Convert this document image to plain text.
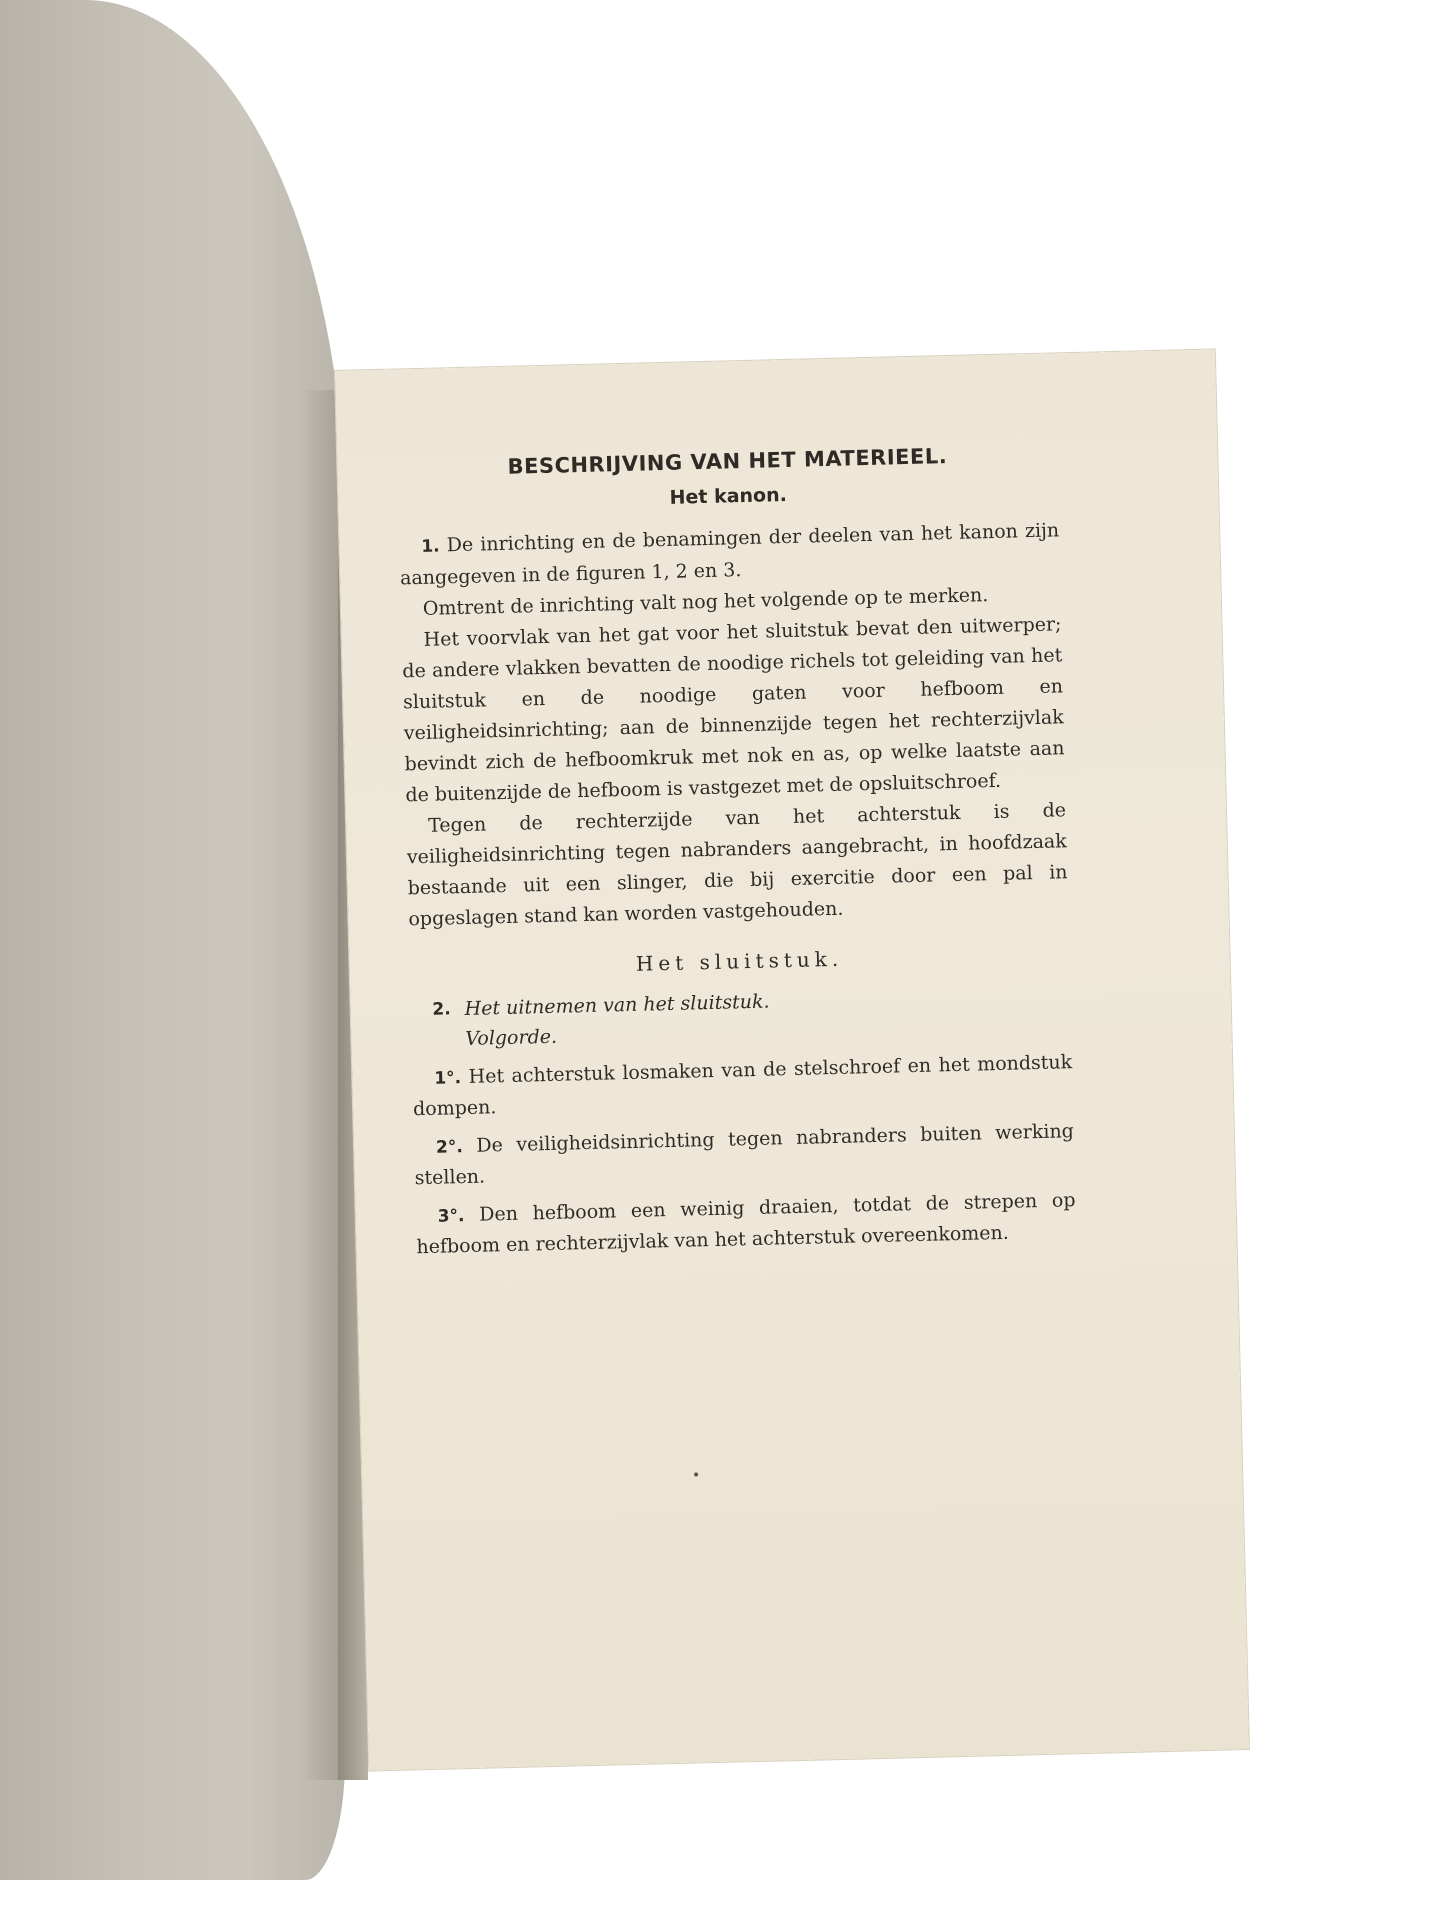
BESCHRIJVING VAN HET MATERIEEL.
Het kanon.

1. De inrichting en de benamingen der deelen van het kanon zijn aangegeven in de figuren 1, 2 en 3.

Omtrent de inrichting valt nog het volgende op te merken.

Het voorvlak van het gat voor het sluitstuk bevat den uitwerper; de andere vlakken bevatten de noodige richels tot geleiding van het sluitstuk en de noodige gaten voor hefboom en veiligheidsinrichting; aan de binnenzijde tegen het rechterzijvlak bevindt zich de hefboomkruk met nok en as, op welke laatste aan de buitenzijde de hefboom is vastgezet met de opsluitschroef.

Tegen de rechterzijde van het achterstuk is de veiligheidsinrichting tegen nabranders aangebracht, in hoofdzaak bestaande uit een slinger, die bij exercitie door een pal in opgeslagen stand kan worden vastgehouden.

Het sluitstuk.
2. Het uitnemen van het sluitstuk.
Volgorde.

1°. Het achterstuk losmaken van de stelschroef en het mondstuk dompen.

2°. De veiligheidsinrichting tegen nabranders buiten werking stellen.

3°. Den hefboom een weinig draaien, totdat de strepen op hefboom en rechterzijvlak van het achterstuk overeenkomen.
